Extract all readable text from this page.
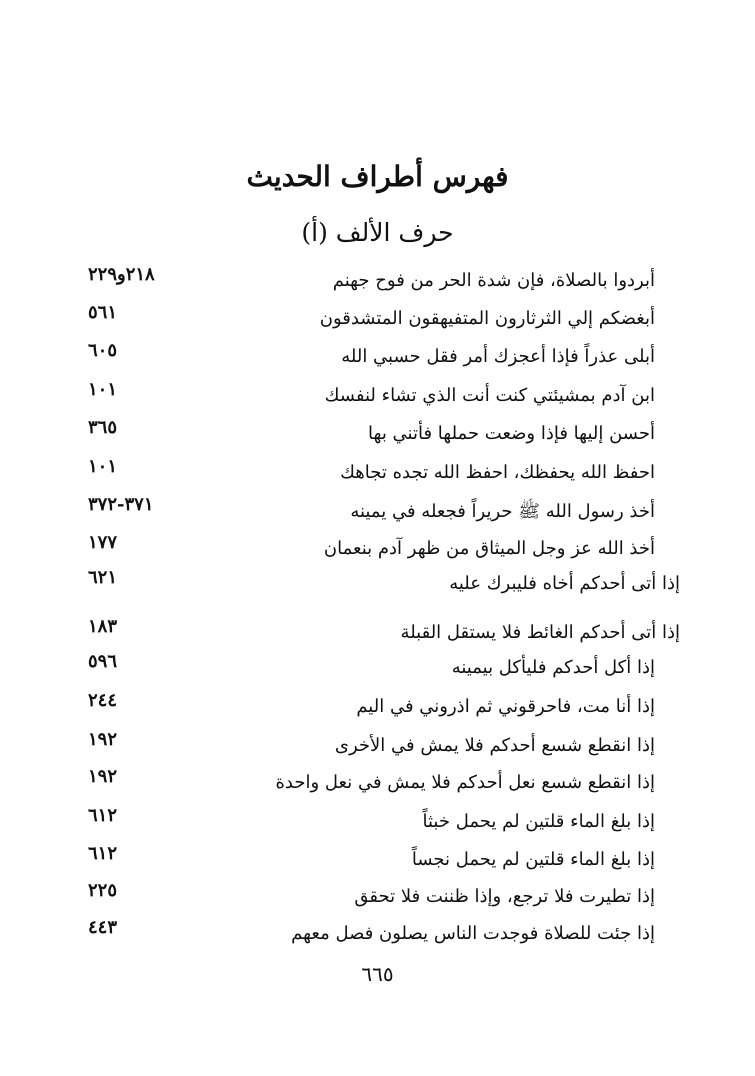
فهرس أطراف الحديث
حرف الألف (أ)
أبردوا بالصلاة، فإن شدة الحر من فوح جهنم
٢١٨و٢٢٩
أبغضكم إلي الثرثارون المتفيهقون المتشدقون
٥٦١
أبلى عذراً فإذا أعجزك أمر فقل حسبي الله
٦٠٥
ابن آدم بمشيئتي كنت أنت الذي تشاء لنفسك
١٠١
أحسن إليها فإذا وضعت حملها فأتني بها
٣٦٥
احفظ الله يحفظك، احفظ الله تجده تجاهك
١٠١
أخذ رسول الله ﷺ حريراً فجعله في يمينه
٣٧١-٣٧٢
أخذ الله عز وجل الميثاق من ظهر آدم بنعمان
١٧٧
إذا أتى أحدكم أخاه فليبرك عليه
٦٢١
إذا أتى أحدكم الغائط فلا يستقل القبلة
١٨٣
إذا أكل أحدكم فليأكل بيمينه
٥٩٦
إذا أنا مت، فاحرقوني ثم اذروني في اليم
٢٤٤
إذا انقطع شسع أحدكم فلا يمش في الأخرى
١٩٢
إذا انقطع شسع نعل أحدكم فلا يمش في نعل واحدة
١٩٢
إذا بلغ الماء قلتين لم يحمل خبثاً
٦١٢
إذا بلغ الماء قلتين لم يحمل نجساً
٦١٢
إذا تطيرت فلا ترجع، وإذا ظننت فلا تحقق
٢٢٥
إذا جئت للصلاة فوجدت الناس يصلون فصل معهم
٤٤٣
٦٦٥
